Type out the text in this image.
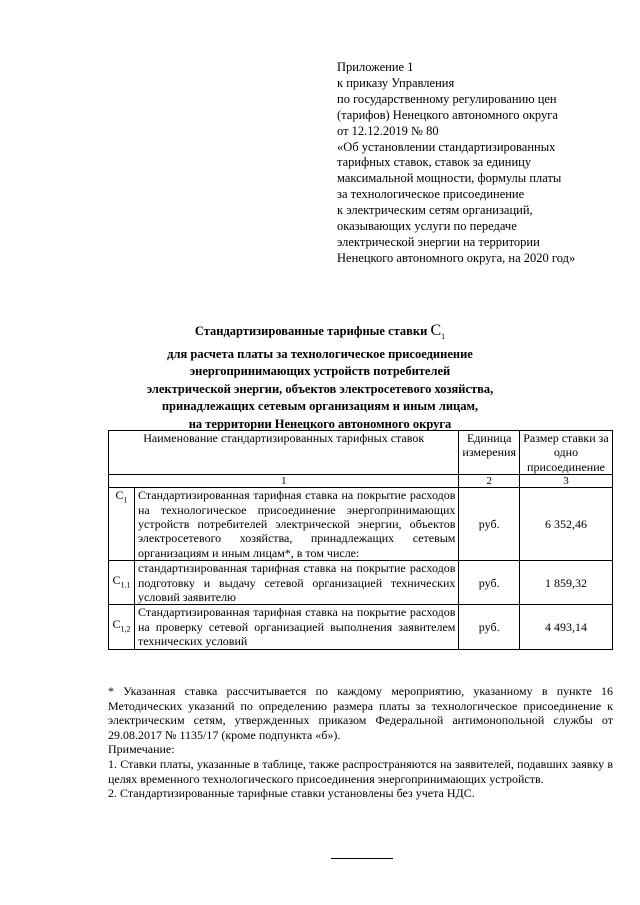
Приложение 1
к приказу Управления
по государственному регулированию цен
(тарифов) Ненецкого автономного округа
от 12.12.2019 № 80
«Об установлении стандартизированных
тарифных ставок, ставок за единицу
максимальной мощности, формулы платы
за технологическое присоединение
к электрическим сетям организаций,
оказывающих услуги по передаче
электрической энергии на территории
Ненецкого автономного округа, на 2020 год»
Стандартизированные тарифные ставки $C_1$
для расчета платы за технологическое присоединение
энергопринимающих устройств потребителей
электрической энергии, объектов электросетевого хозяйства,
принадлежащих сетевым организациям и иным лицам,
на территории Ненецкого автономного округа
Наименование стандартизированных тарифных ставок		Единица измерения	Размер ставки за одно присоединение
1		2	3
$C_1$	Стандартизированная тарифная ставка на покрытие расходов на технологическое присоединение энергопринимающих устройств потребителей электрической энергии, объектов электросетевого хозяйства, принадлежащих сетевым организациям и иным лицам*, в том числе:	руб.	6 352,46
$C_{1.1}$	стандартизированная тарифная ставка на покрытие расходов подготовку и выдачу сетевой организацией технических условий заявителю	руб.	1 859,32
$C_{1,2}$	Стандартизированная тарифная ставка на покрытие расходов на проверку сетевой организацией выполнения заявителем технических условий	руб.	4 493,14

* Указанная ставка рассчитывается по каждому мероприятию, указанному в пункте 16 Методических указаний по определению размера платы за технологическое присоединение к электрическим сетям, утвержденных приказом Федеральной антимонопольной службы от 29.08.2017 № 1135/17 (кроме подпункта «б»).

Примечание:

1. Ставки платы, указанные в таблице, также распространяются на заявителей, подавших заявку в целях временного технологического присоединения энергопринимающих устройств.

2. Стандартизированные тарифные ставки установлены без учета НДС.
